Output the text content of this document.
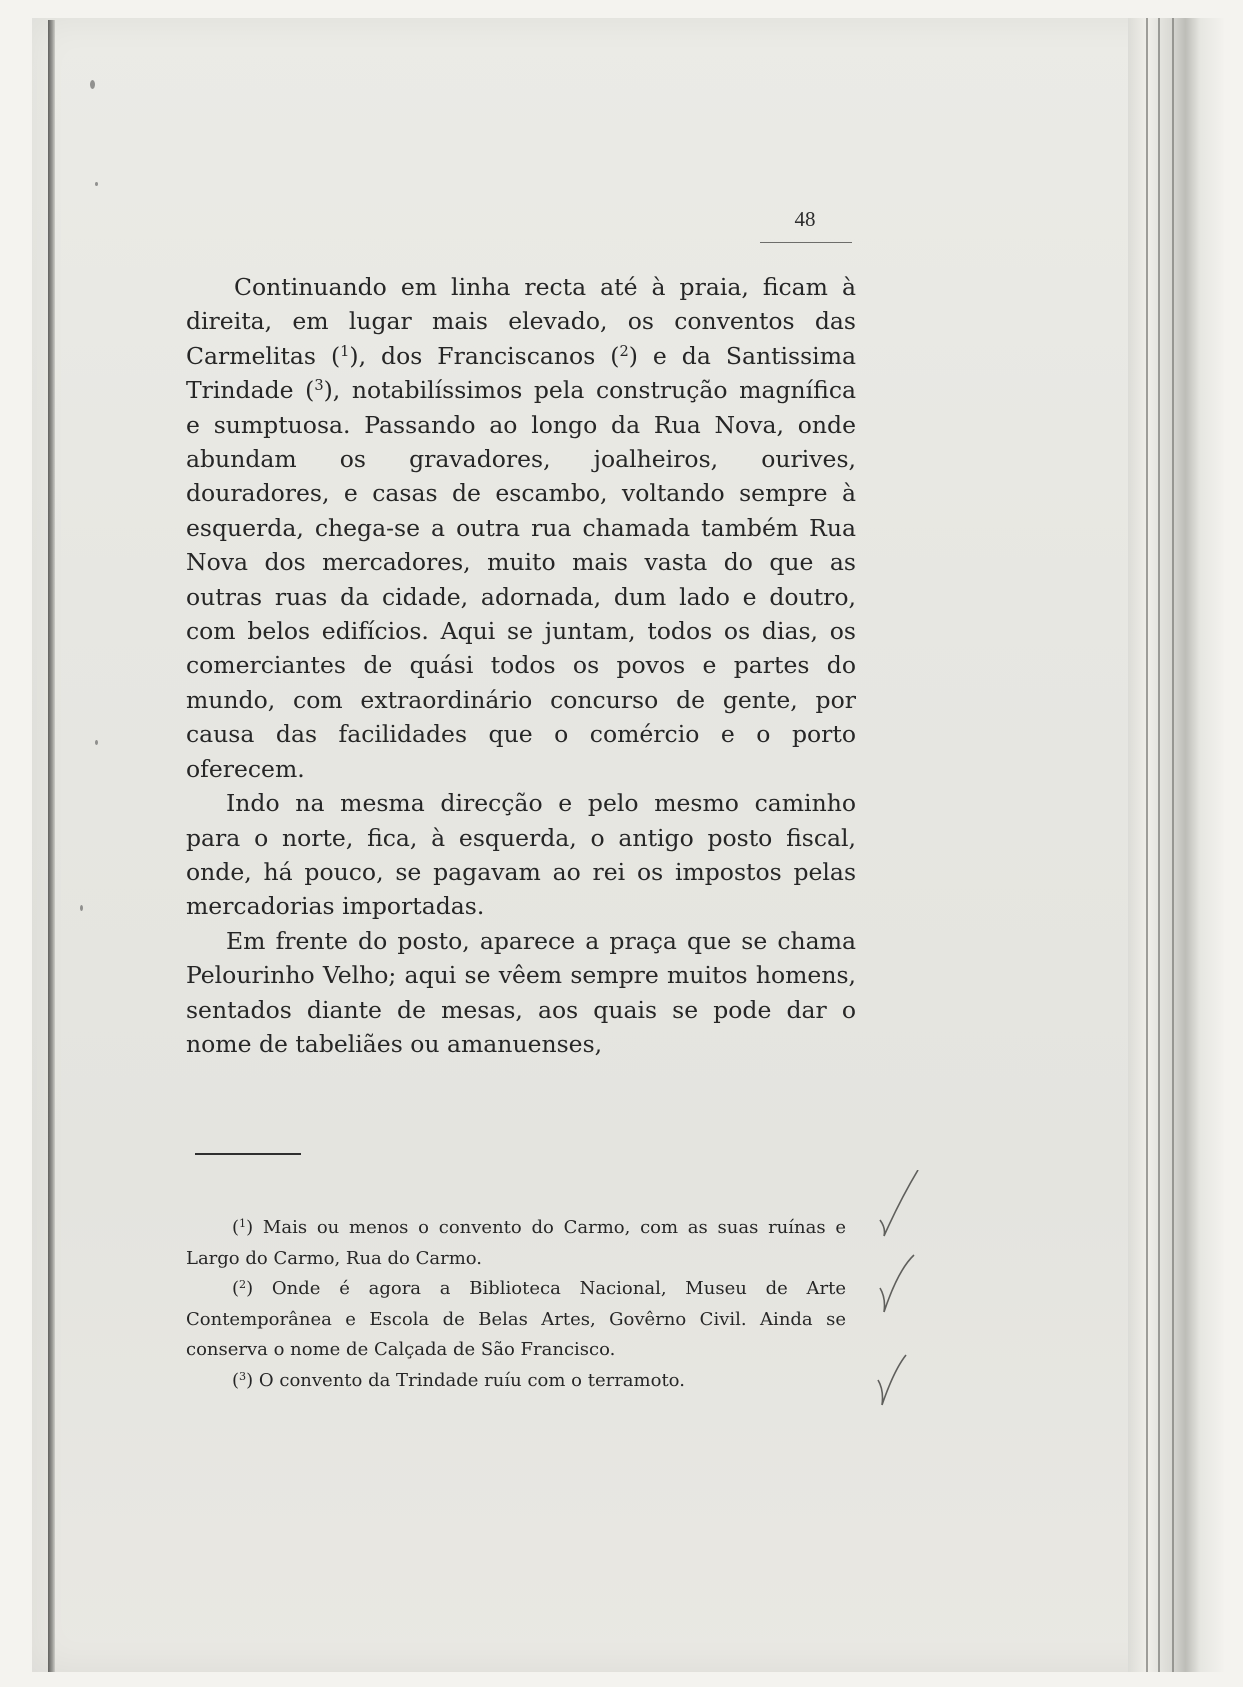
48

Continuando em linha recta até à praia, ficam à direita, em lugar mais elevado, os conventos das Carmelitas ($^1$), dos Franciscanos ($^2$) e da Santissima Trindade ($^3$), notabilíssimos pela construção magnífica e sumptuosa. Passando ao longo da Rua Nova, onde abundam os gravadores, joalheiros, ourives, douradores, e casas de escambo, voltando sempre à esquerda, chega-se a outra rua chamada também Rua Nova dos mercadores, muito mais vasta do que as outras ruas da cidade, adornada, dum lado e doutro, com belos edifícios. Aqui se juntam, todos os dias, os comerciantes de quási todos os povos e partes do mundo, com extraordinário concurso de gente, por causa das facilidades que o comércio e o porto oferecem.

Indo na mesma direcção e pelo mesmo caminho para o norte, fica, à esquerda, o antigo posto fiscal, onde, há pouco, se pagavam ao rei os impostos pelas mercadorias importadas.

Em frente do posto, aparece a praça que se chama Pelourinho Velho; aqui se vêem sempre muitos homens, sentados diante de mesas, aos quais se pode dar o nome de tabeliães ou amanuenses,

($^1$) Mais ou menos o convento do Carmo, com as suas ruínas e Largo do Carmo, Rua do Carmo.

($^2$) Onde é agora a Biblioteca Nacional, Museu de Arte Contemporânea e Escola de Belas Artes, Govêrno Civil. Ainda se conserva o nome de Calçada de São Francisco.

($^3$) O convento da Trindade ruíu com o terramoto.
